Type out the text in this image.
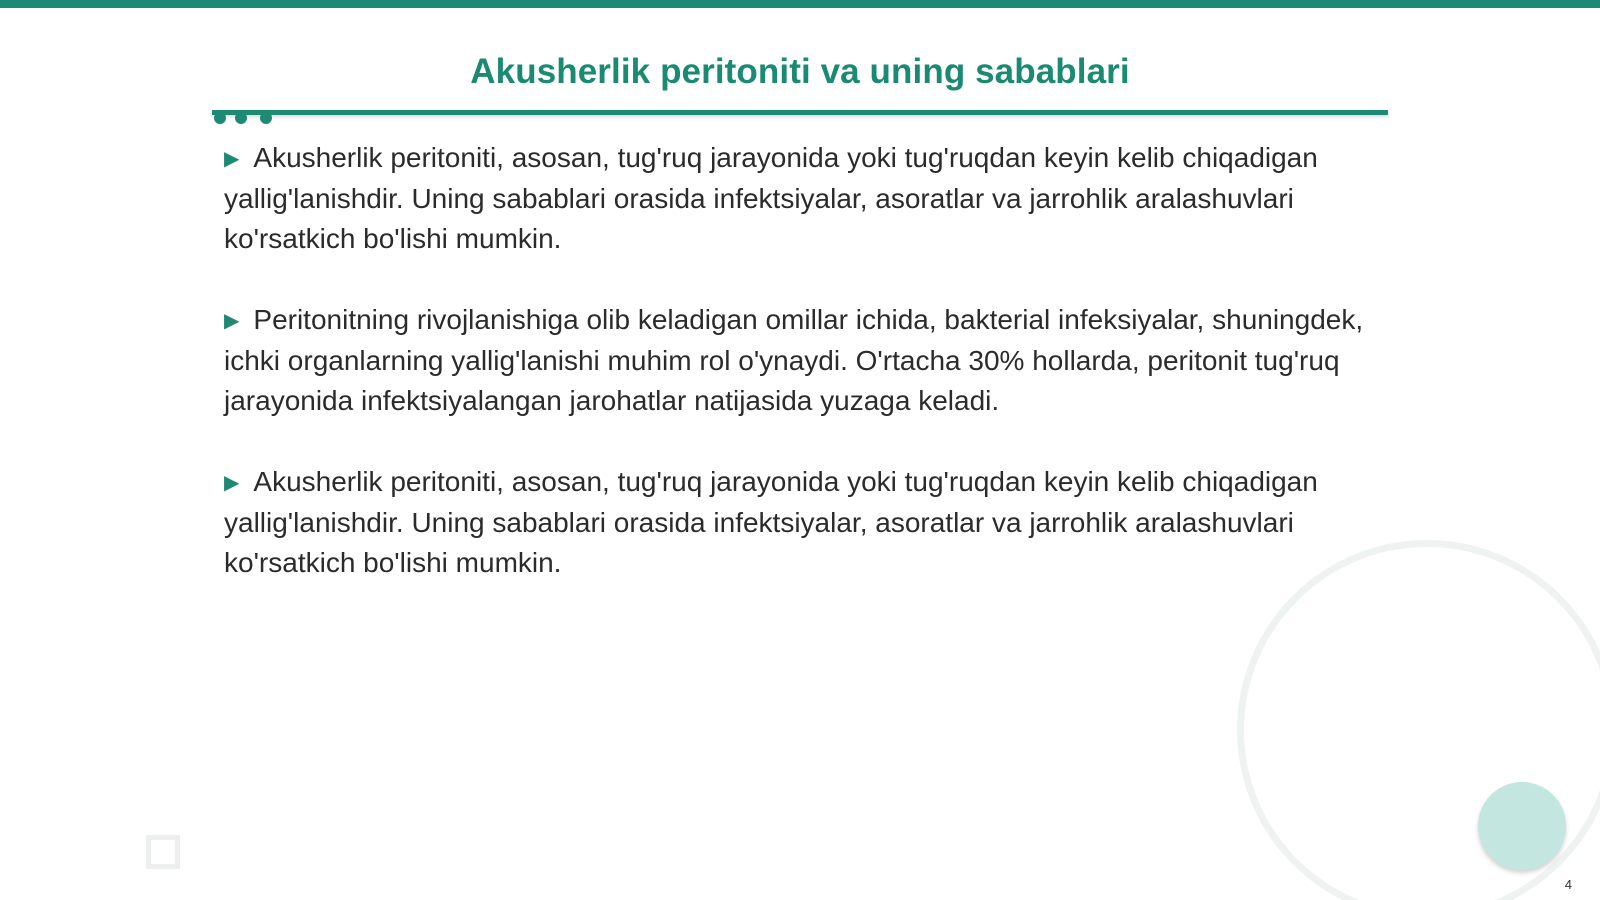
Akusherlik peritoniti va uning sabablari

▶ Akusherlik peritoniti, asosan, tug'ruq jarayonida yoki tug'ruqdan keyin kelib chiqadigan yallig'lanishdir. Uning sabablari orasida infektsiyalar, asoratlar va jarrohlik aralashuvlari ko'rsatkich bo'lishi mumkin.

▶ Peritonitning rivojlanishiga olib keladigan omillar ichida, bakterial infeksiyalar, shuningdek, ichki organlarning yallig'lanishi muhim rol o'ynaydi. O'rtacha 30% hollarda, peritonit tug'ruq jarayonida infektsiyalangan jarohatlar natijasida yuzaga keladi.

▶ Akusherlik peritoniti, asosan, tug'ruq jarayonida yoki tug'ruqdan keyin kelib chiqadigan yallig'lanishdir. Uning sabablari orasida infektsiyalar, asoratlar va jarrohlik aralashuvlari ko'rsatkich bo'lishi mumkin.

4
